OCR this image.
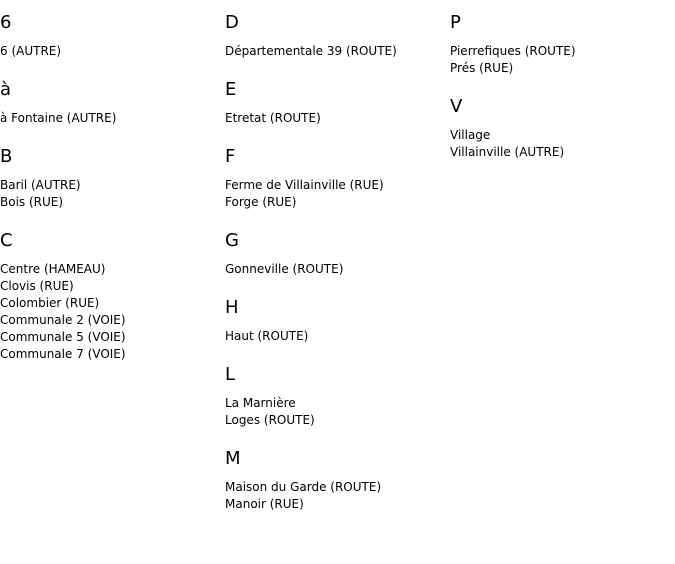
6
6 (AUTRE)
à
à Fontaine (AUTRE)
B
Baril (AUTRE)
Bois (RUE)
C
Centre (HAMEAU)
Clovis (RUE)
Colombier (RUE)
Communale 2 (VOIE)
Communale 5 (VOIE)
Communale 7 (VOIE)
D
Départementale 39 (ROUTE)
E
Etretat (ROUTE)
F
Ferme de Villainville (RUE)
Forge (RUE)
G
Gonneville (ROUTE)
H
Haut (ROUTE)
L
La Marnière
Loges (ROUTE)
M
Maison du Garde (ROUTE)
Manoir (RUE)
P
Pierrefiques (ROUTE)
Prés (RUE)
V
Village
Villainville (AUTRE)
